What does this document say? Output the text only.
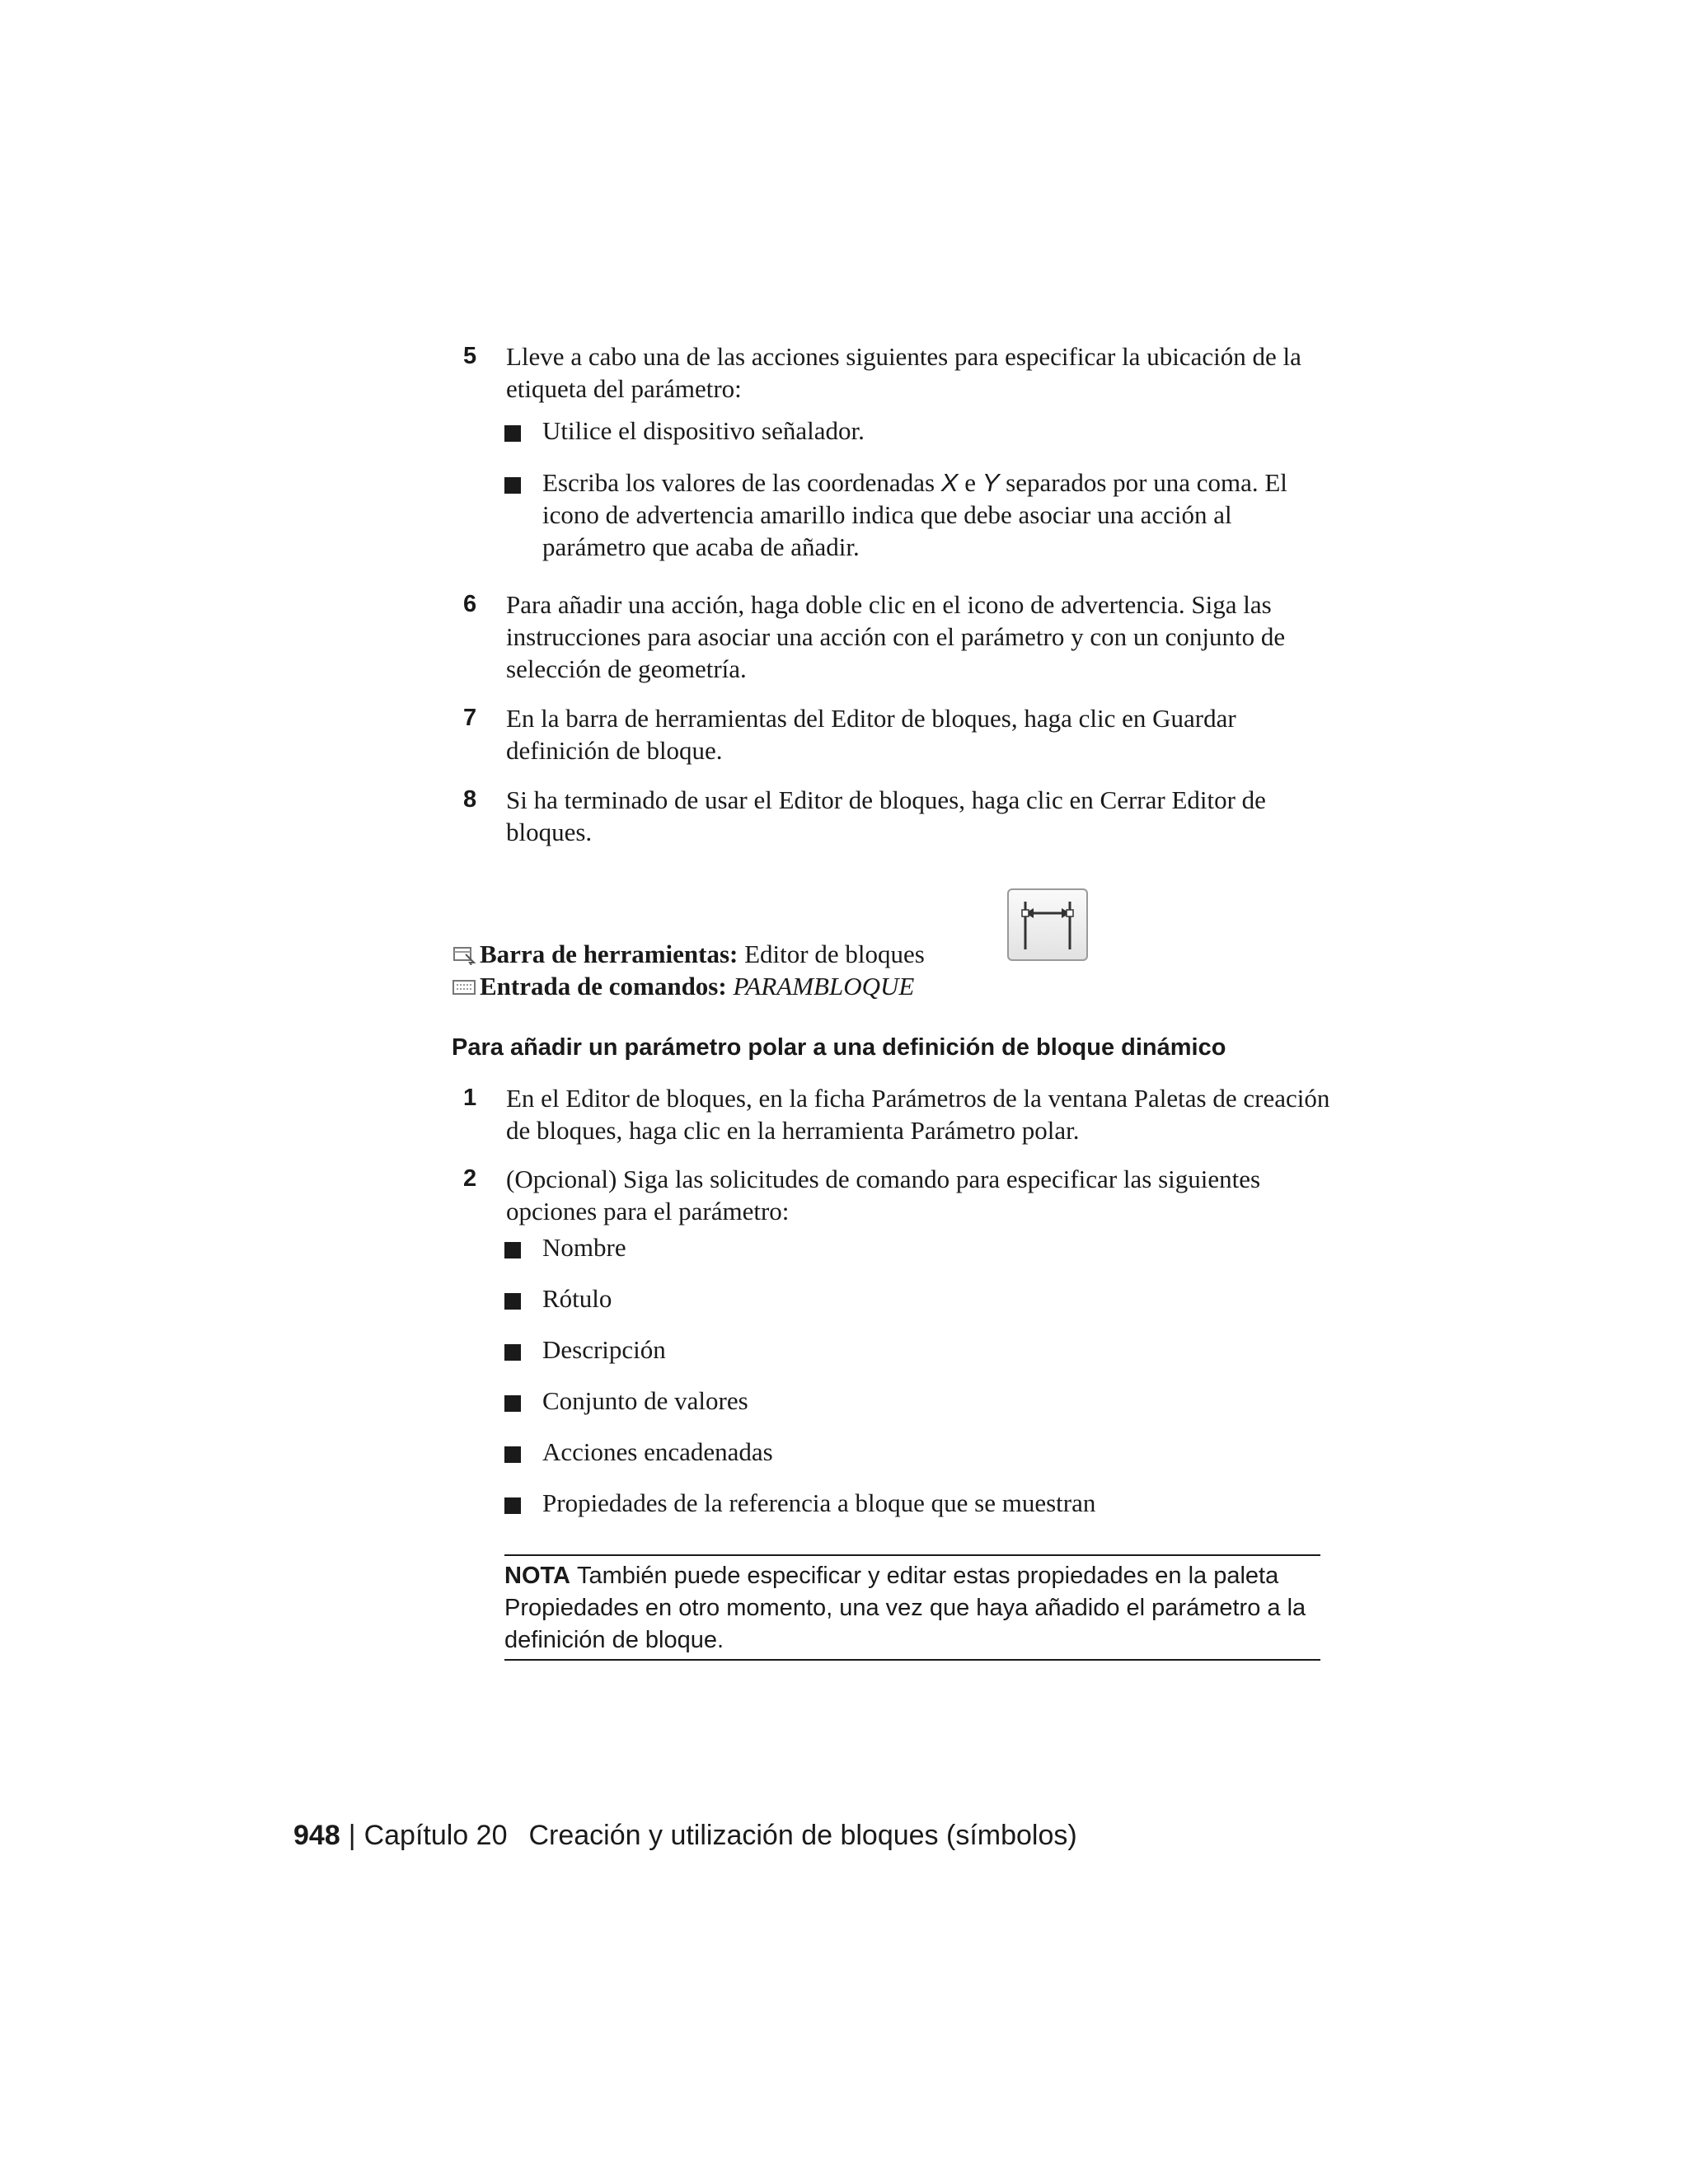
5 Lleve a cabo una de las acciones siguientes para especificar la ubicación de la etiqueta del parámetro:
Utilice el dispositivo señalador.
Escriba los valores de las coordenadas X e Y separados por una coma. El icono de advertencia amarillo indica que debe asociar una acción al parámetro que acaba de añadir.
6 Para añadir una acción, haga doble clic en el icono de advertencia. Siga las instrucciones para asociar una acción con el parámetro y con un conjunto de selección de geometría.
7 En la barra de herramientas del Editor de bloques, haga clic en Guardar definición de bloque.
8 Si ha terminado de usar el Editor de bloques, haga clic en Cerrar Editor de bloques.
Barra de herramientas: Editor de bloques
Entrada de comandos: PARAMBLOQUE
Para añadir un parámetro polar a una definición de bloque dinámico
1 En el Editor de bloques, en la ficha Parámetros de la ventana Paletas de creación de bloques, haga clic en la herramienta Parámetro polar.
2 (Opcional) Siga las solicitudes de comando para especificar las siguientes opciones para el parámetro:
Nombre
Rótulo
Descripción
Conjunto de valores
Acciones encadenadas
Propiedades de la referencia a bloque que se muestran
NOTA También puede especificar y editar estas propiedades en la paleta Propiedades en otro momento, una vez que haya añadido el parámetro a la definición de bloque.
948 | Capítulo 20 Creación y utilización de bloques (símbolos)
